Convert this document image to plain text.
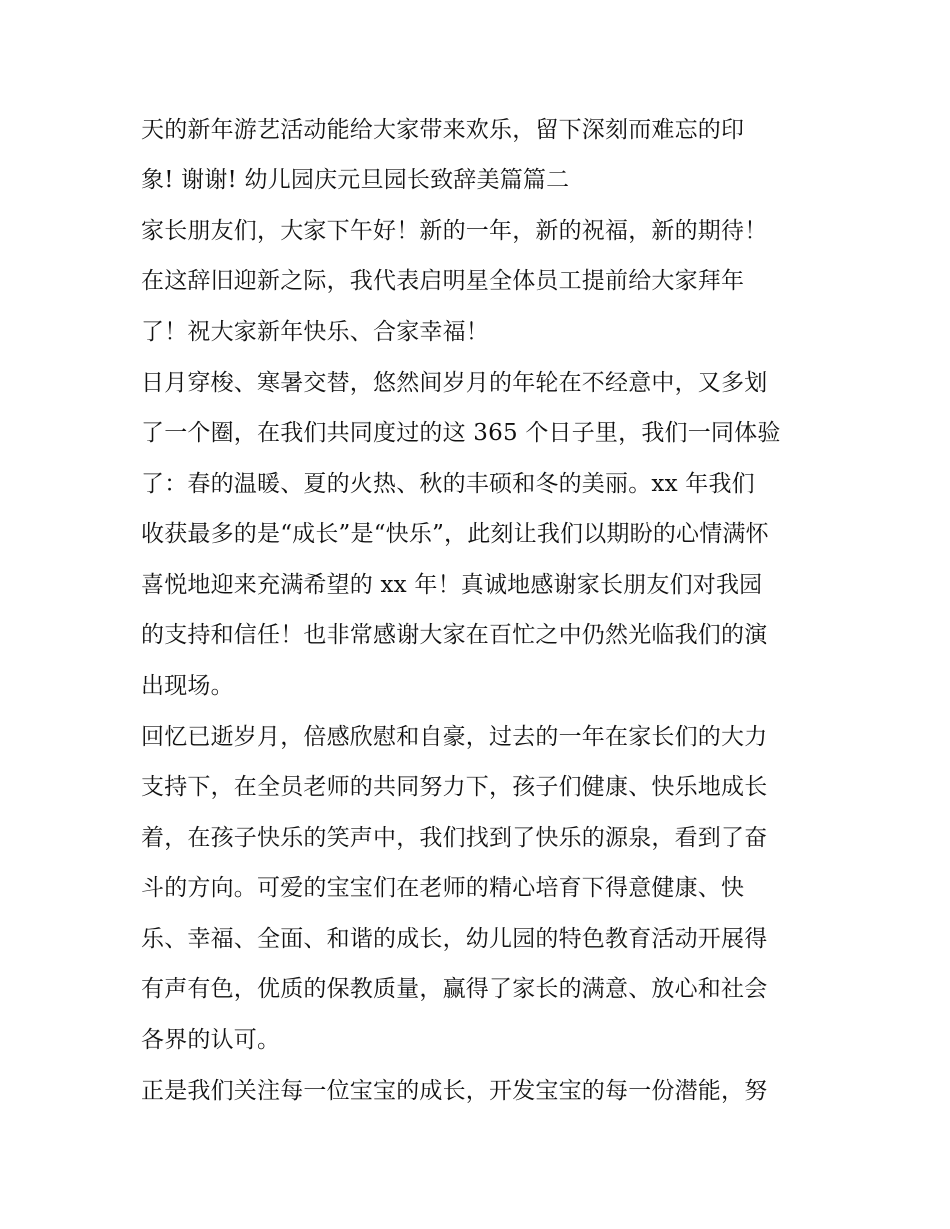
天的新年游艺活动能给大家带来欢乐，留下深刻而难忘的印
象! 谢谢! 幼儿园庆元旦园长致辞美篇篇二
家长朋友们，大家下午好！新的一年，新的祝福，新的期待！
在这辞旧迎新之际，我代表启明星全体员工提前给大家拜年
了！祝大家新年快乐、合家幸福！
日月穿梭、寒暑交替，悠然间岁月的年轮在不经意中，又多划
了一个圈，在我们共同度过的这 365 个日子里，我们一同体验
了：春的温暖、夏的火热、秋的丰硕和冬的美丽。xx 年我们
收获最多的是“成长”是“快乐”，此刻让我们以期盼的心情满怀
喜悦地迎来充满希望的 xx 年！真诚地感谢家长朋友们对我园
的支持和信任！也非常感谢大家在百忙之中仍然光临我们的演
出现场。
回忆已逝岁月，倍感欣慰和自豪，过去的一年在家长们的大力
支持下，在全员老师的共同努力下，孩子们健康、快乐地成长
着，在孩子快乐的笑声中，我们找到了快乐的源泉，看到了奋
斗的方向。可爱的宝宝们在老师的精心培育下得意健康、快
乐、幸福、全面、和谐的成长，幼儿园的特色教育活动开展得
有声有色，优质的保教质量，赢得了家长的满意、放心和社会
各界的认可。
正是我们关注每一位宝宝的成长，开发宝宝的每一份潜能，努
